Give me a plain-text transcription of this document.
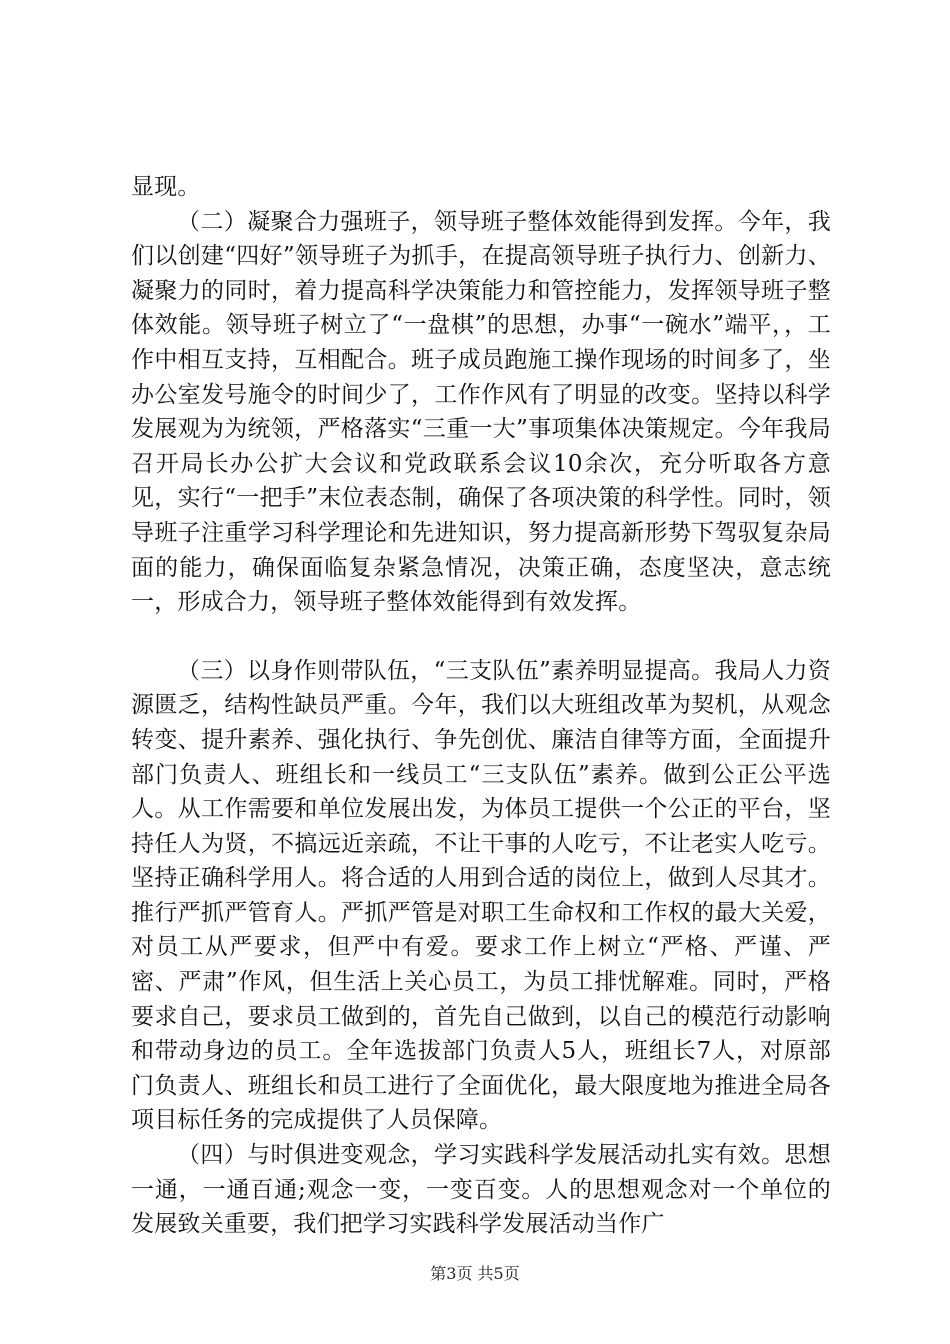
显现。

（二）凝聚合力强班子，领导班子整体效能得到发挥。今年，我们以创建“四好”领导班子为抓手，在提高领导班子执行力、创新力、凝聚力的同时，着力提高科学决策能力和管控能力，发挥领导班子整体效能。领导班子树立了“一盘棋”的思想，办事“一碗水”端平，，工作中相互支持，互相配合。班子成员跑施工操作现场的时间多了，坐办公室发号施令的时间少了，工作作风有了明显的改变。坚持以科学发展观为为统领，严格落实“三重一大”事项集体决策规定。今年我局召开局长办公扩大会议和党政联系会议10余次，充分听取各方意见，实行“一把手”末位表态制，确保了各项决策的科学性。同时，领导班子注重学习科学理论和先进知识，努力提高新形势下驾驭复杂局面的能力，确保面临复杂紧急情况，决策正确，态度坚决，意志统一，形成合力，领导班子整体效能得到有效发挥。

（三）以身作则带队伍，“三支队伍”素养明显提高。我局人力资源匮乏，结构性缺员严重。今年，我们以大班组改革为契机，从观念转变、提升素养、强化执行、争先创优、廉洁自律等方面，全面提升部门负责人、班组长和一线员工“三支队伍”素养。做到公正公平选人。从工作需要和单位发展出发，为体员工提供一个公正的平台，坚持任人为贤，不搞远近亲疏，不让干事的人吃亏，不让老实人吃亏。坚持正确科学用人。将合适的人用到合适的岗位上，做到人尽其才。推行严抓严管育人。严抓严管是对职工生命权和工作权的最大关爱，对员工从严要求，但严中有爱。要求工作上树立“严格、严谨、严密、严肃”作风，但生活上关心员工，为员工排忧解难。同时，严格要求自己，要求员工做到的，首先自己做到，以自己的模范行动影响和带动身边的员工。全年选拔部门负责人5人，班组长7人，对原部门负责人、班组长和员工进行了全面优化，最大限度地为推进全局各项目标任务的完成提供了人员保障。

（四）与时俱进变观念，学习实践科学发展活动扎实有效。思想一通，一通百通;观念一变，一变百变。人的思想观念对一个单位的发展致关重要，我们把学习实践科学发展活动当作广

第3页 共5页
